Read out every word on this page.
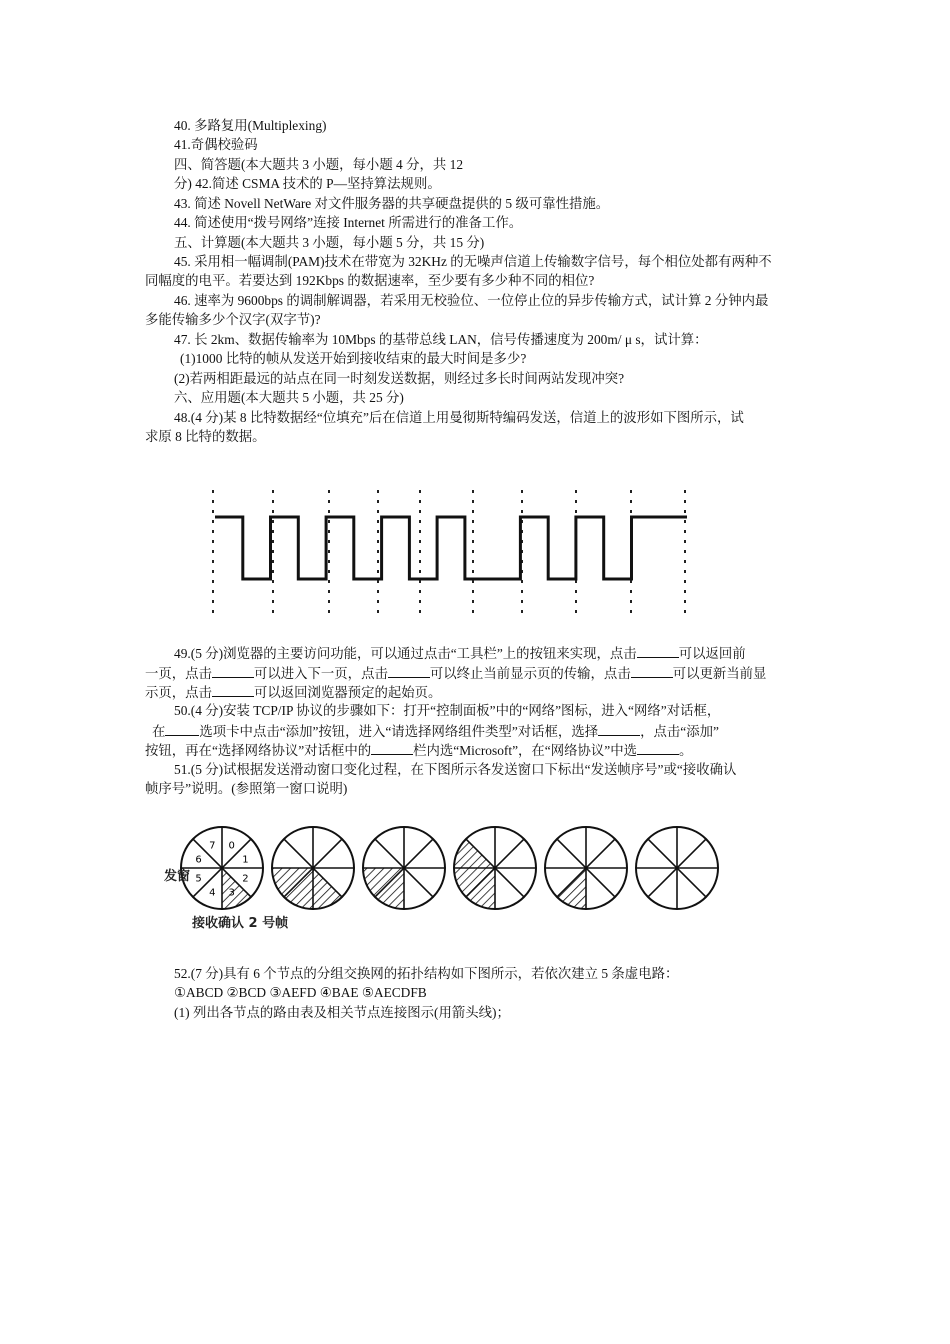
40. 多路复用(Multiplexing)
41.奇偶校验码
四、简答题(本大题共 3 小题，每小题 4 分，共 12
分) 42.简述 CSMA 技术的 P—坚持算法规则。
43. 简述 Novell NetWare 对文件服务器的共享硬盘提供的 5 级可靠性措施。
44. 简述使用“拨号网络”连接 Internet 所需进行的准备工作。
五、计算题(本大题共 3 小题，每小题 5 分，共 15 分)
45. 采用相一幅调制(PAM)技术在带宽为 32KHz 的无噪声信道上传输数字信号，每个相位处都有两种不
同幅度的电平。若要达到 192Kbps 的数据速率，至少要有多少种不同的相位?
46. 速率为 9600bps 的调制解调器，若采用无校验位、一位停止位的异步传输方式，试计算 2 分钟内最
多能传输多少个汉字(双字节)?
47. 长 2km、数据传输率为 10Mbps 的基带总线 LAN，信号传播速度为 200m/ μ s，试计算：
(1)1000 比特的帧从发送开始到接收结束的最大时间是多少?
(2)若两相距最远的站点在同一时刻发送数据，则经过多长时间两站发现冲突?
六、应用题(本大题共 5 小题，共 25 分)
48.(4 分)某 8 比特数据经“位填充”后在信道上用曼彻斯特编码发送，信道上的波形如下图所示，试
求原 8 比特的数据。
49.(5 分)浏览器的主要访问功能，可以通过点击“工具栏”上的按钮来实现，点击	可以返回前
一页，点击	可以进入下一页，点击	可以终止当前显示页的传输，点击	可以更新当前显
示页，点击	可以返回浏览器预定的起始页。
50.(4 分)安装 TCP/IP 协议的步骤如下：打开“控制面板”中的“网络”图标，进入“网络”对话框，
在	选项卡中点击“添加”按钮，进入“请选择网络组件类型”对话框，选择	，点击“添加”
按钮，再在“选择网络协议”对话框中的	栏内选“Microsoft”，在“网络协议”中选	。
51.(5 分)试根据发送滑动窗口变化过程，在下图所示各发送窗口下标出“发送帧序号”或“接收确认
帧序号”说明。(参照第一窗口说明)
0
1
2
3
4
5
6
7
发窗
接收确认 2 号帧
52.(7 分)具有 6 个节点的分组交换网的拓扑结构如下图所示，若依次建立 5 条虚电路：
①ABCD ②BCD ③AEFD ④BAE ⑤AECDFB
(1) 列出各节点的路由表及相关节点连接图示(用箭头线)；
